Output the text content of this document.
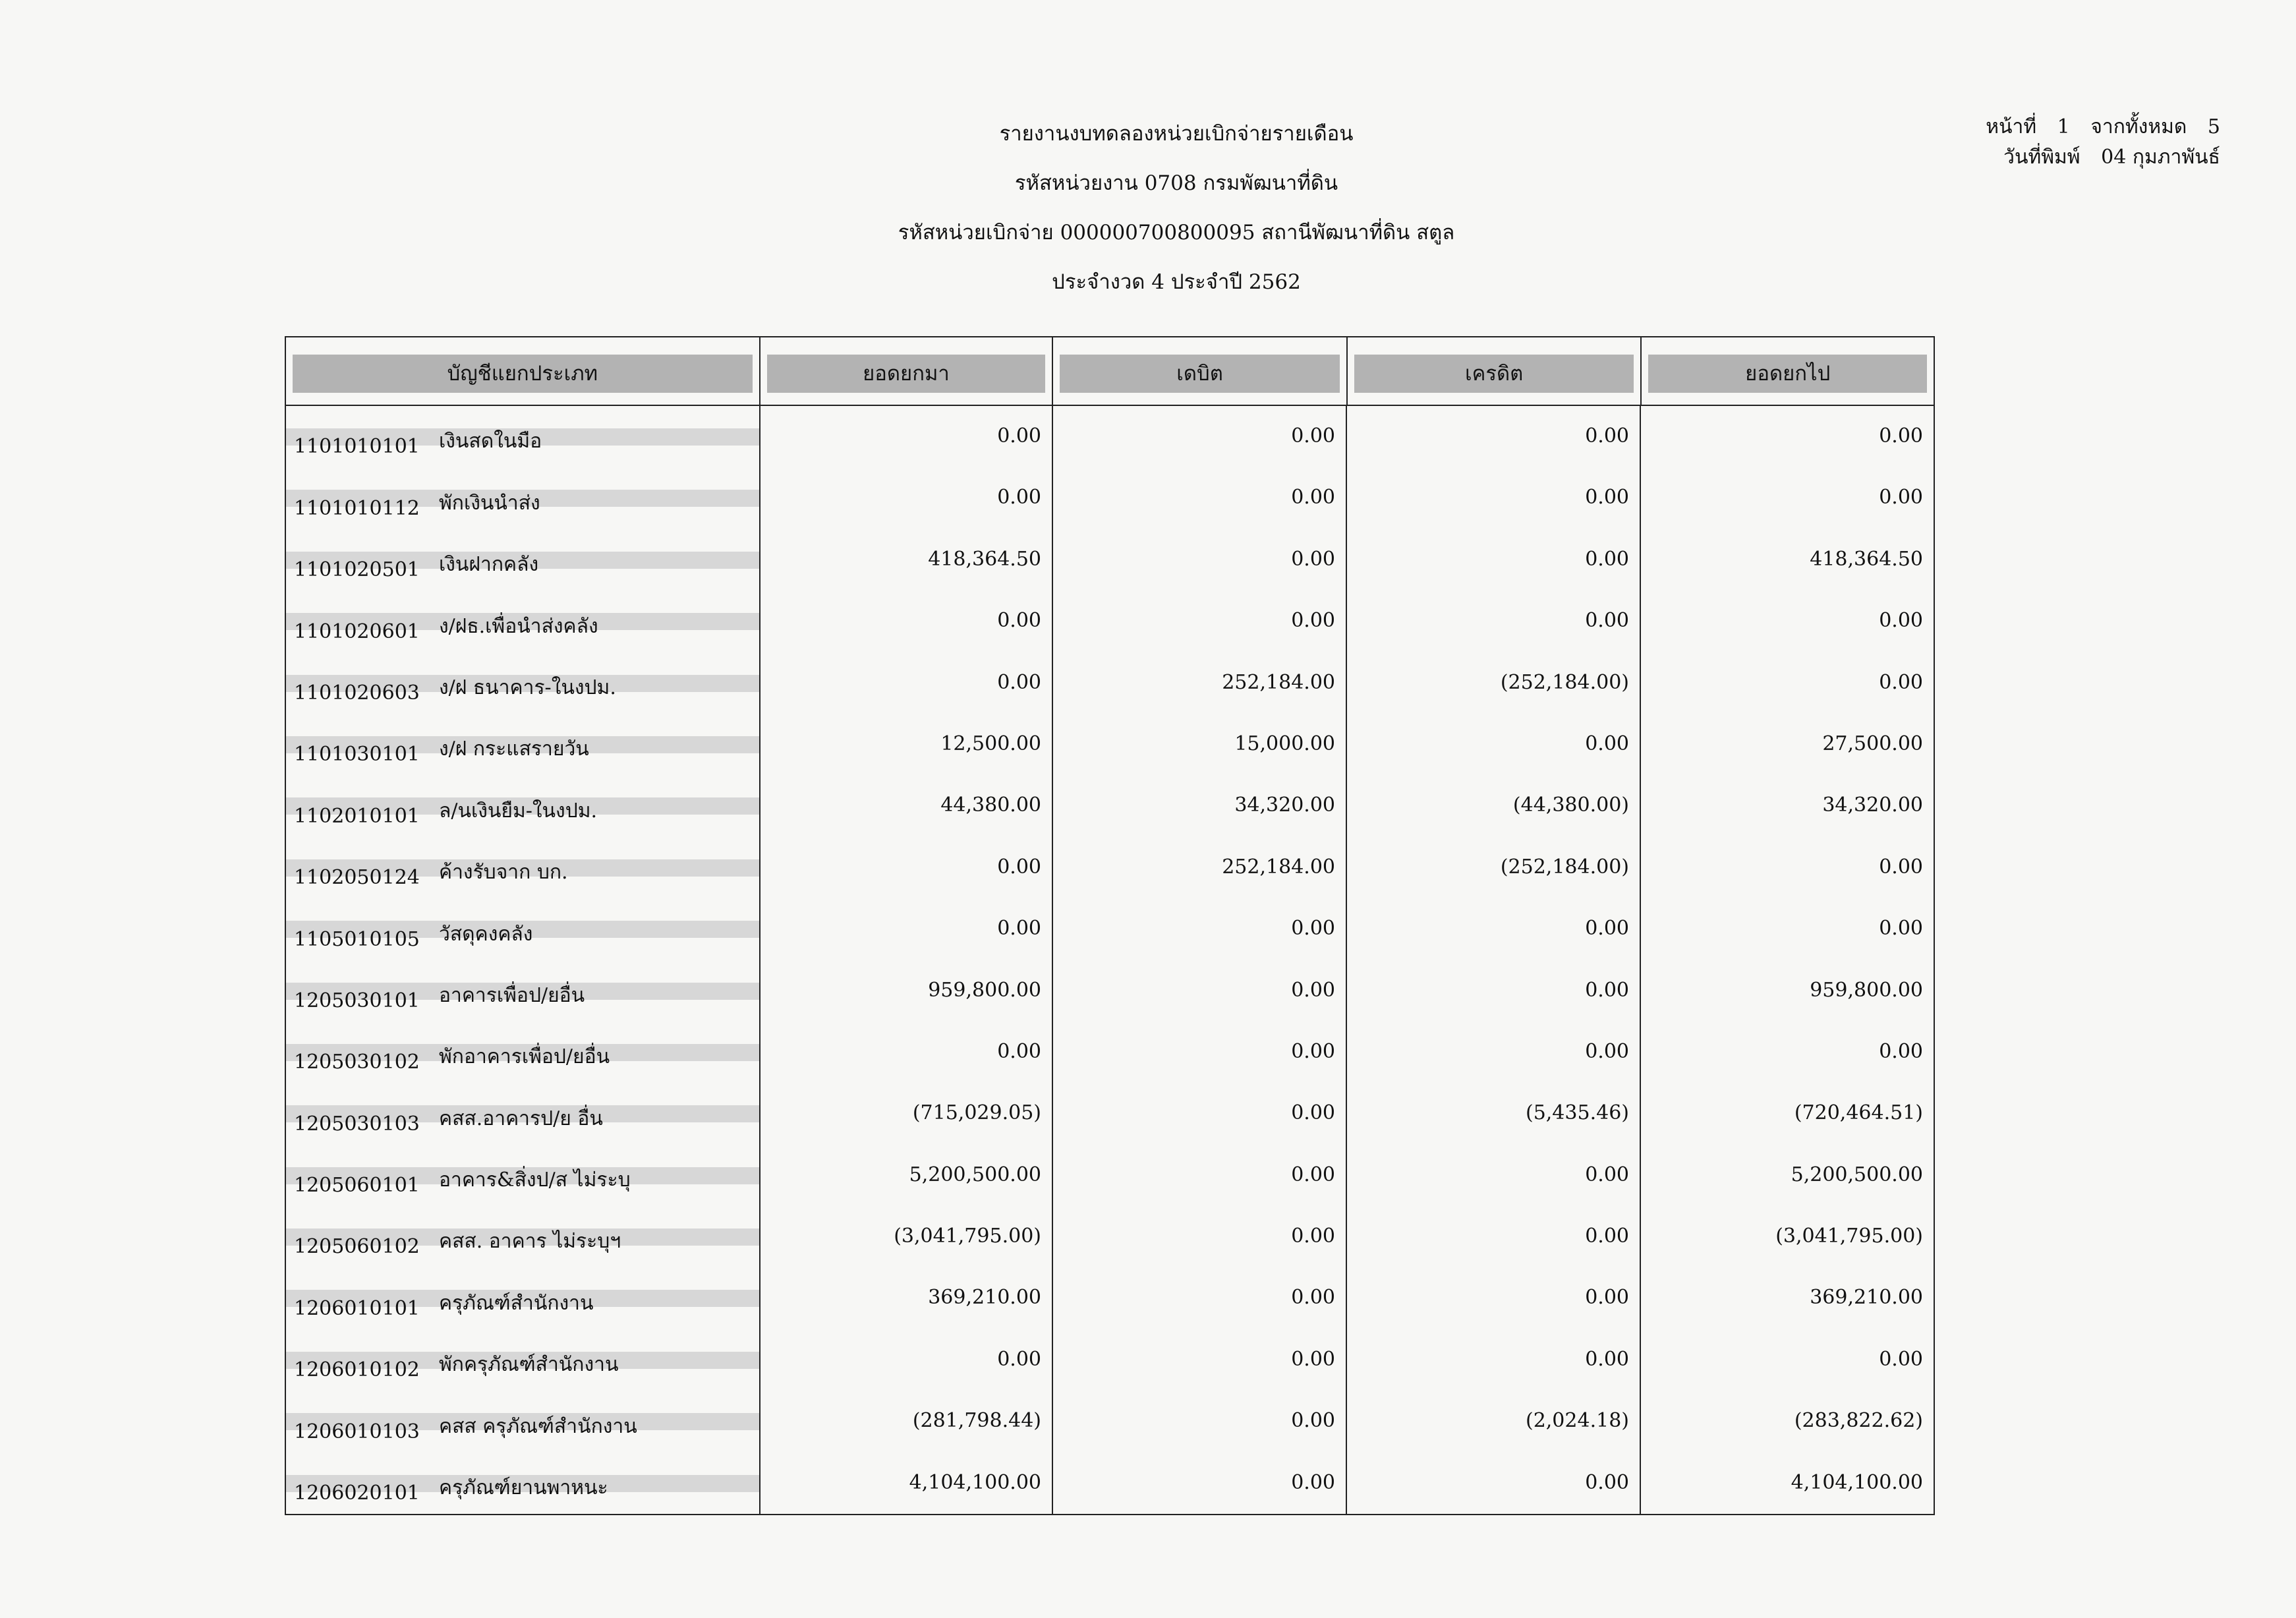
หน้าที่ 1 จากทั้งหมด 5
วันที่พิมพ์ 04 กุมภาพันธ์
รายงานงบทดลองหน่วยเบิกจ่ายรายเดือน
รหัสหน่วยงาน 0708 กรมพัฒนาที่ดิน
รหัสหน่วยเบิกจ่าย 000000700800095 สถานีพัฒนาที่ดิน สตูล
ประจำงวด 4 ประจำปี 2562
บัญชีแยกประเภท	ยอดยกมา	เดบิต	เครดิต	ยอดยกไป
1101010101 เงินสดในมือ	0.00	0.00	0.00	0.00
1101010112 พักเงินนำส่ง	0.00	0.00	0.00	0.00
1101020501 เงินฝากคลัง	418,364.50	0.00	0.00	418,364.50
1101020601 ง/ฝธ.เพื่อนำส่งคลัง	0.00	0.00	0.00	0.00
1101020603 ง/ฝ ธนาคาร-ในงปม.	0.00	252,184.00	(252,184.00)	0.00
1101030101 ง/ฝ กระแสรายวัน	12,500.00	15,000.00	0.00	27,500.00
1102010101 ล/นเงินยืม-ในงปม.	44,380.00	34,320.00	(44,380.00)	34,320.00
1102050124 ค้างรับจาก บก.	0.00	252,184.00	(252,184.00)	0.00
1105010105 วัสดุคงคลัง	0.00	0.00	0.00	0.00
1205030101 อาคารเพื่อป/ยอื่น	959,800.00	0.00	0.00	959,800.00
1205030102 พักอาคารเพื่อป/ยอื่น	0.00	0.00	0.00	0.00
1205030103 คสส.อาคารป/ย อื่น	(715,029.05)	0.00	(5,435.46)	(720,464.51)
1205060101 อาคาร&สิ่งป/ส ไม่ระบุ	5,200,500.00	0.00	0.00	5,200,500.00
1205060102 คสส. อาคาร ไม่ระบุฯ	(3,041,795.00)	0.00	0.00	(3,041,795.00)
1206010101 ครุภัณฑ์สำนักงาน	369,210.00	0.00	0.00	369,210.00
1206010102 พักครุภัณฑ์สำนักงาน	0.00	0.00	0.00	0.00
1206010103 คสส ครุภัณฑ์สำนักงาน	(281,798.44)	0.00	(2,024.18)	(283,822.62)
1206020101 ครุภัณฑ์ยานพาหนะ	4,104,100.00	0.00	0.00	4,104,100.00
